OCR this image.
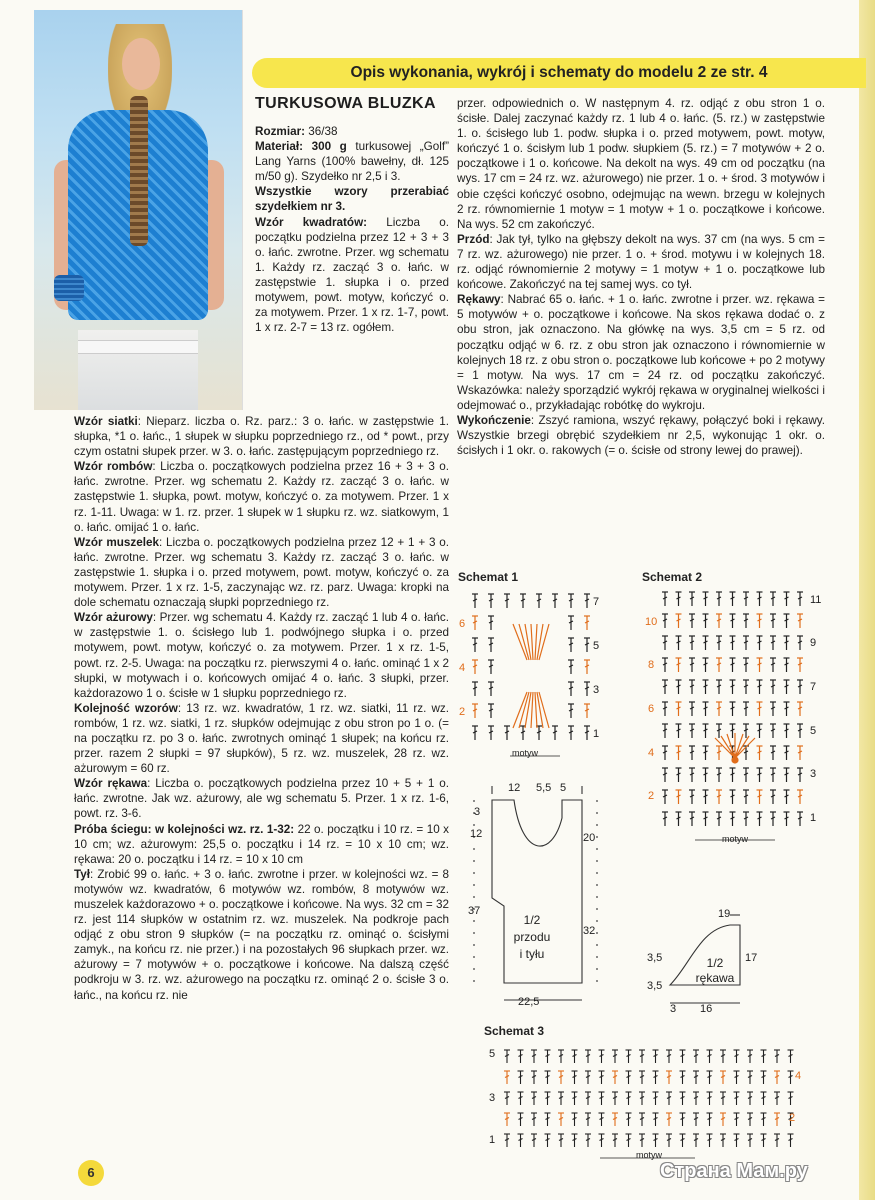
Opis wykonania, wykrój i schematy do modelu 2 ze str. 4
TURKUSOWA BLUZKA

Rozmiar: 36/38

Materiał: 300 g turkusowej „Golf” Lang Yarns (100% bawełny, dł. 125 m/50 g). Szydełko nr 2,5 i 3.

Wszystkie wzory przerabiać szydełkiem nr 3.

Wzór kwadratów: Liczba o. początku podzielna przez 12 + 3 + 3 o. łańc. zwrotne. Przer. wg schematu 1. Każdy rz. zacząć 3 o. łańc. w zastępstwie 1. słupka i o. przed motywem, powt. motyw, kończyć o. za motywem. Przer. 1 x rz. 1-7, powt. 1 x rz. 2-7 = 13 rz. ogółem.

Wzór siatki: Nieparz. liczba o. Rz. parz.: 3 o. łańc. w zastępstwie 1. słupka, *1 o. łańc., 1 słupek w słupku poprzedniego rz., od * powt., przy czym ostatni słupek przer. w 3. o. łańc. zastępującym poprzedniego rz.

Wzór rombów: Liczba o. początkowych podzielna przez 16 + 3 + 3 o. łańc. zwrotne. Przer. wg schematu 2. Każdy rz. zacząć 3 o. łańc. w zastępstwie 1. słupka, powt. motyw, kończyć o. za motywem. Przer. 1 x rz. 1-11. Uwaga: w 1. rz. przer. 1 słupek w 1 słupku rz. wz. siatkowym, 1 o. łańc. omijać 1 o. łańc.

Wzór muszelek: Liczba o. początkowych podzielna przez 12 + 1 + 3 o. łańc. zwrotne. Przer. wg schematu 3. Każdy rz. zacząć 3 o. łańc. w zastępstwie 1. słupka i o. przed motywem, powt. motyw, kończyć o. za motywem. Przer. 1 x rz. 1-5, zaczynając wz. rz. parz. Uwaga: kropki na dole schematu oznaczają słupki poprzedniego rz.

Wzór ażurowy: Przer. wg schematu 4. Każdy rz. zacząć 1 lub 4 o. łańc. w zastępstwie 1. o. ścisłego lub 1. podwójnego słupka i o. przed motywem, powt. motyw, kończyć o. za motywem. Przer. 1 x rz. 1-5, powt. rz. 2-5. Uwaga: na początku rz. pierwszymi 4 o. łańc. ominąć 1 x 2 słupki, w motywach i o. końcowych omijać 4 o. łańc. 3 słupki, przer. każdorazowo 1 o. ścisłe w 1 słupku poprzedniego rz.

Kolejność wzorów: 13 rz. wz. kwadratów, 1 rz. wz. siatki, 11 rz. wz. rombów, 1 rz. wz. siatki, 1 rz. słupków odejmując z obu stron po 1 o. (= na początku rz. po 3 o. łańc. zwrotnych ominąć 1 słupek; na końcu rz. przer. razem 2 słupki = 97 słupków), 5 rz. wz. muszelek, 28 rz. wz. ażurowym = 60 rz.

Wzór rękawa: Liczba o. początkowych podzielna przez 10 + 5 + 1 o. łańc. zwrotne. Jak wz. ażurowy, ale wg schematu 5. Przer. 1 x rz. 1-6, powt. rz. 3-6.

Próba ściegu: w kolejności wz. rz. 1-32: 22 o. początku i 10 rz. = 10 x 10 cm; wz. ażurowym: 25,5 o. początku i 14 rz. = 10 x 10 cm; wz. rękawa: 20 o. początku i 14 rz. = 10 x 10 cm

Tył: Zrobić 99 o. łańc. + 3 o. łańc. zwrotne i przer. w kolejności wz. = 8 motywów wz. kwadratów, 6 motywów wz. rombów, 8 motywów wz. muszelek każdorazowo + o. początkowe i końcowe. Na wys. 32 cm = 32 rz. jest 114 słupków w ostatnim rz. wz. muszelek. Na podkroje pach odjąć z obu stron 9 słupków (= na początku rz. ominąć o. ścisłymi zamyk., na końcu rz. nie przer.) i na pozostałych 96 słupkach przer. wz. ażurowy = 7 motywów + o. początkowe i końcowe. Na dalszą część podkroju w 3. rz. wz. ażurowego na początku rz. ominąć 2 o. ścisłe 3 o. łańc., na końcu rz. nie

przer. odpowiednich o. W następnym 4. rz. odjąć z obu stron 1 o. ścisłe. Dalej zaczynać każdy rz. 1 lub 4 o. łańc. (5. rz.) w zastępstwie 1. o. ścisłego lub 1. podw. słupka i o. przed motywem, powt. motyw, kończyć 1 o. ścisłym lub 1 podw. słupkiem (5. rz.) = 7 motywów + 2 o. początkowe i 1 o. końcowe. Na dekolt na wys. 49 cm od początku (na wys. 17 cm = 24 rz. wz. ażurowego) nie przer. 1 o. + środ. 3 motywów i obie części kończyć osobno, odejmując na wewn. brzegu w kolejnych 2 rz. równomiernie 1 motyw = 1 motyw + 1 o. początkowe i końcowe. Na wys. 52 cm zakończyć.

Przód: Jak tył, tylko na głębszy dekolt na wys. 37 cm (na wys. 5 cm = 7 rz. wz. ażurowego) nie przer. 1 o. + środ. motywu i w kolejnych 18. rz. odjąć równomiernie 2 motywy = 1 motyw + 1 o. początkowe lub końcowe. Zakończyć na tej samej wys. co tył.

Rękawy: Nabrać 65 o. łańc. + 1 o. łańc. zwrotne i przer. wz. rękawa = 5 motywów + o. początkowe i końcowe. Na skos rękawa dodać o. z obu stron, jak oznaczono. Na główkę na wys. 3,5 cm = 5 rz. od początku odjąć w 6. rz. z obu stron jak oznaczono i równomiernie w kolejnych 18 rz. z obu stron o. początkowe lub końcowe + po 2 motywy = 1 motyw. Na wys. 17 cm = 24 rz. od początku zakończyć. Wskazówka: należy sporządzić wykrój rękawa w oryginalnej wielkości i odejmować o., przykładając robótkę do wykroju.

Wykończenie: Zszyć ramiona, wszyć rękawy, połączyć boki i rękawy. Wszystkie brzegi obrębić szydełkiem nr 2,5, wykonując 1 okr. o. ścisłych i 1 okr. o. rakowych (= o. ścisłe od strony lewej do prawej).

Schemat 1
7
5
3
1
6
4
2
motyw
Schemat 2
11
9
7
5
3
1
10
8
6
4
2
motyw
12 5,5 5
3
12
37
20
32
22,5
1/2
przodu
i tyłu
19
3,5
3,5
17
3 16
1/2
rękawa
Schemat 3
5
3
1
4
2
motyw
6	Страна Мам.ру
